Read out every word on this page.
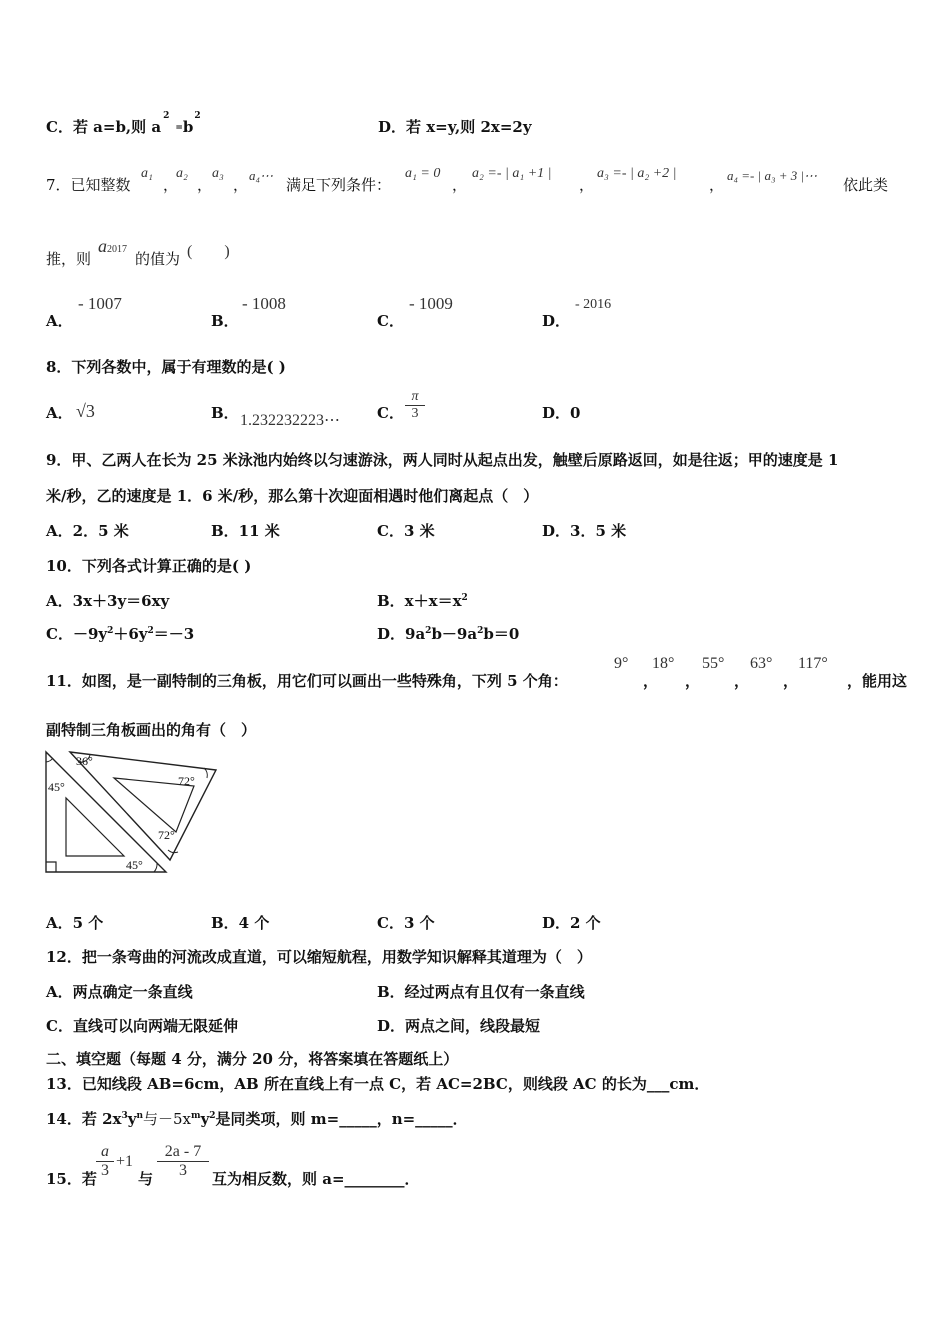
C．若 a=b,则 $a^2=b^2$
D．若 x=y,则 2x=2y
7．已知整数
a₁
，
a₂
，
a₃
，
a₄⋯
满足下列条件：
a₁ = 0
，
a₂ =- | a₁ +1 |
，
a₃ =- | a₂ +2 |
，
a₄ =- | a₃ + 3 |⋯
依此类
推，则
a2017
的值为 (　　)
A．
- 1007
B．
- 1008
C．
- 1009
D．
- 2016
8．下列各数中，属于有理数的是( )
A． √3	B． 1.232232223⋯ C． $\frac{\pi}{3}$	D．0
9．甲、乙两人在长为 25 米泳池内始终以匀速游泳，两人同时从起点出发，触壁后原路返回，如是往返；甲的速度是 1
米/秒，乙的速度是 1．6 米/秒，那么第十次迎面相遇时他们离起点（　）
A．2．5 米	B．11 米	C．3 米	D．3．5 米
10．下列各式计算正确的是( )
A．3x＋3y＝6xy	B．$x+x=x^2$
C．$-9y^2+6y^2=-3$	D．$9a^2b-9a^2b=0$
11．如图，是一副特制的三角板，用它们可以画出一些特殊角，下列 5 个角：
9°
，
18°
，
55°
，
63°
，
117°
，能用这
副特制三角板画出的角有（　）
36°
45°	72°
72°
45°
A．5 个	B．4 个	C．3 个	D．2 个
12．把一条弯曲的河流改成直道，可以缩短航程，用数学知识解释其道理为（　）
A．两点确定一条直线	B．经过两点有且仅有一条直线
C．直线可以向两端无限延伸	D．两点之间，线段最短
二、填空题（每题 4 分，满分 20 分，将答案填在答题纸上）
13．已知线段 AB=6cm，AB 所在直线上有一点 C，若 AC=2BC，则线段 AC 的长为___cm．
14．若 $2x^3y^n$与$-5x^my^2$是同类项，则 m=_____，n=_____．
15．若 $\frac{a}{3} +1$
与 $\frac{2a - 7}{3}$ 互为相反数，则 a=________．
